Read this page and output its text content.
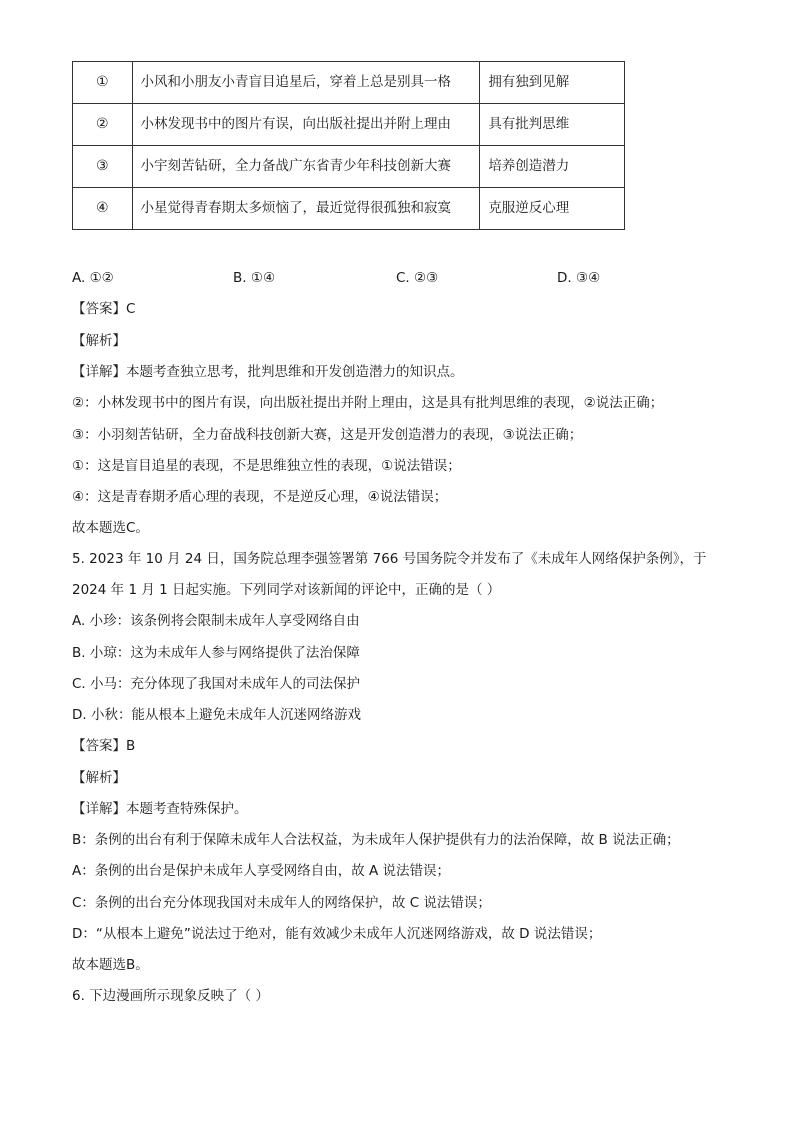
①	小风和小朋友小青盲目追星后，穿着上总是别具一格	拥有独到见解
②	小林发现书中的图片有误，向出版社提出并附上理由	具有批判思维
③	小宇刻苦钻研，全力备战广东省青少年科技创新大赛	培养创造潜力
④	小星觉得青春期太多烦恼了，最近觉得很孤独和寂寞	克服逆反心理
A. ①②	B. ①④	C. ②③	D. ③④
【答案】C
【解析】
【详解】本题考查独立思考，批判思维和开发创造潜力的知识点。
②：小林发现书中的图片有误，向出版社提出并附上理由，这是具有批判思维的表现，②说法正确；
③：小羽刻苦钻研，全力奋战科技创新大赛，这是开发创造潜力的表现，③说法正确；
①：这是盲目追星的表现，不是思维独立性的表现，①说法错误；
④：这是青春期矛盾心理的表现，不是逆反心理，④说法错误；
故本题选C。
5. 2023 年 10 月 24 日，国务院总理李强签署第 766 号国务院令并发布了《未成年人网络保护条例》，于
2024 年 1 月 1 日起实施。下列同学对该新闻的评论中，正确的是（ ）
A. 小珍：该条例将会限制未成年人享受网络自由
B. 小琼：这为未成年人参与网络提供了法治保障
C. 小马：充分体现了我国对未成年人的司法保护
D. 小秋：能从根本上避免未成年人沉迷网络游戏
【答案】B
【解析】
【详解】本题考查特殊保护。
B：条例的出台有利于保障未成年人合法权益，为未成年人保护提供有力的法治保障，故 B 说法正确；
A：条例的出台是保护未成年人享受网络自由，故 A 说法错误；
C：条例的出台充分体现我国对未成年人的网络保护，故 C 说法错误；
D：“从根本上避免”说法过于绝对，能有效减少未成年人沉迷网络游戏，故 D 说法错误；
故本题选B。
6. 下边漫画所示现象反映了（ ）
